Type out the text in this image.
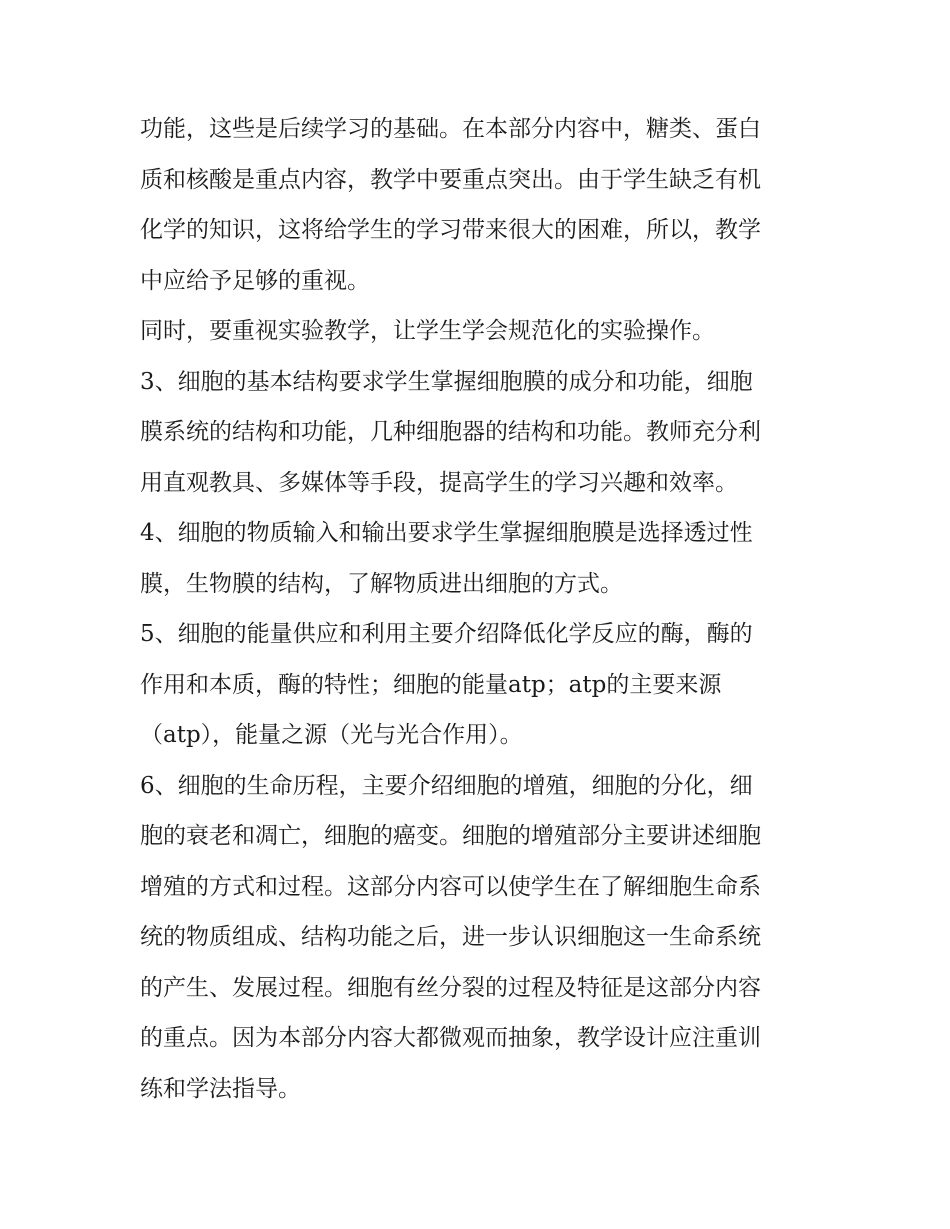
功能，这些是后续学习的基础。在本部分内容中，糖类、蛋白
质和核酸是重点内容，教学中要重点突出。由于学生缺乏有机
化学的知识，这将给学生的学习带来很大的困难，所以，教学
中应给予足够的重视。
同时，要重视实验教学，让学生学会规范化的实验操作。
3、细胞的基本结构要求学生掌握细胞膜的成分和功能，细胞
膜系统的结构和功能，几种细胞器的结构和功能。教师充分利
用直观教具、多媒体等手段，提高学生的学习兴趣和效率。
4、细胞的物质输入和输出要求学生掌握细胞膜是选择透过性
膜，生物膜的结构，了解物质进出细胞的方式。
5、细胞的能量供应和利用主要介绍降低化学反应的酶，酶的
作用和本质，酶的特性；细胞的能量atp；atp的主要来源
（atp），能量之源（光与光合作用）。
6、细胞的生命历程，主要介绍细胞的增殖，细胞的分化，细
胞的衰老和凋亡，细胞的癌变。细胞的增殖部分主要讲述细胞
增殖的方式和过程。这部分内容可以使学生在了解细胞生命系
统的物质组成、结构功能之后，进一步认识细胞这一生命系统
的产生、发展过程。细胞有丝分裂的过程及特征是这部分内容
的重点。因为本部分内容大都微观而抽象，教学设计应注重训
练和学法指导。
